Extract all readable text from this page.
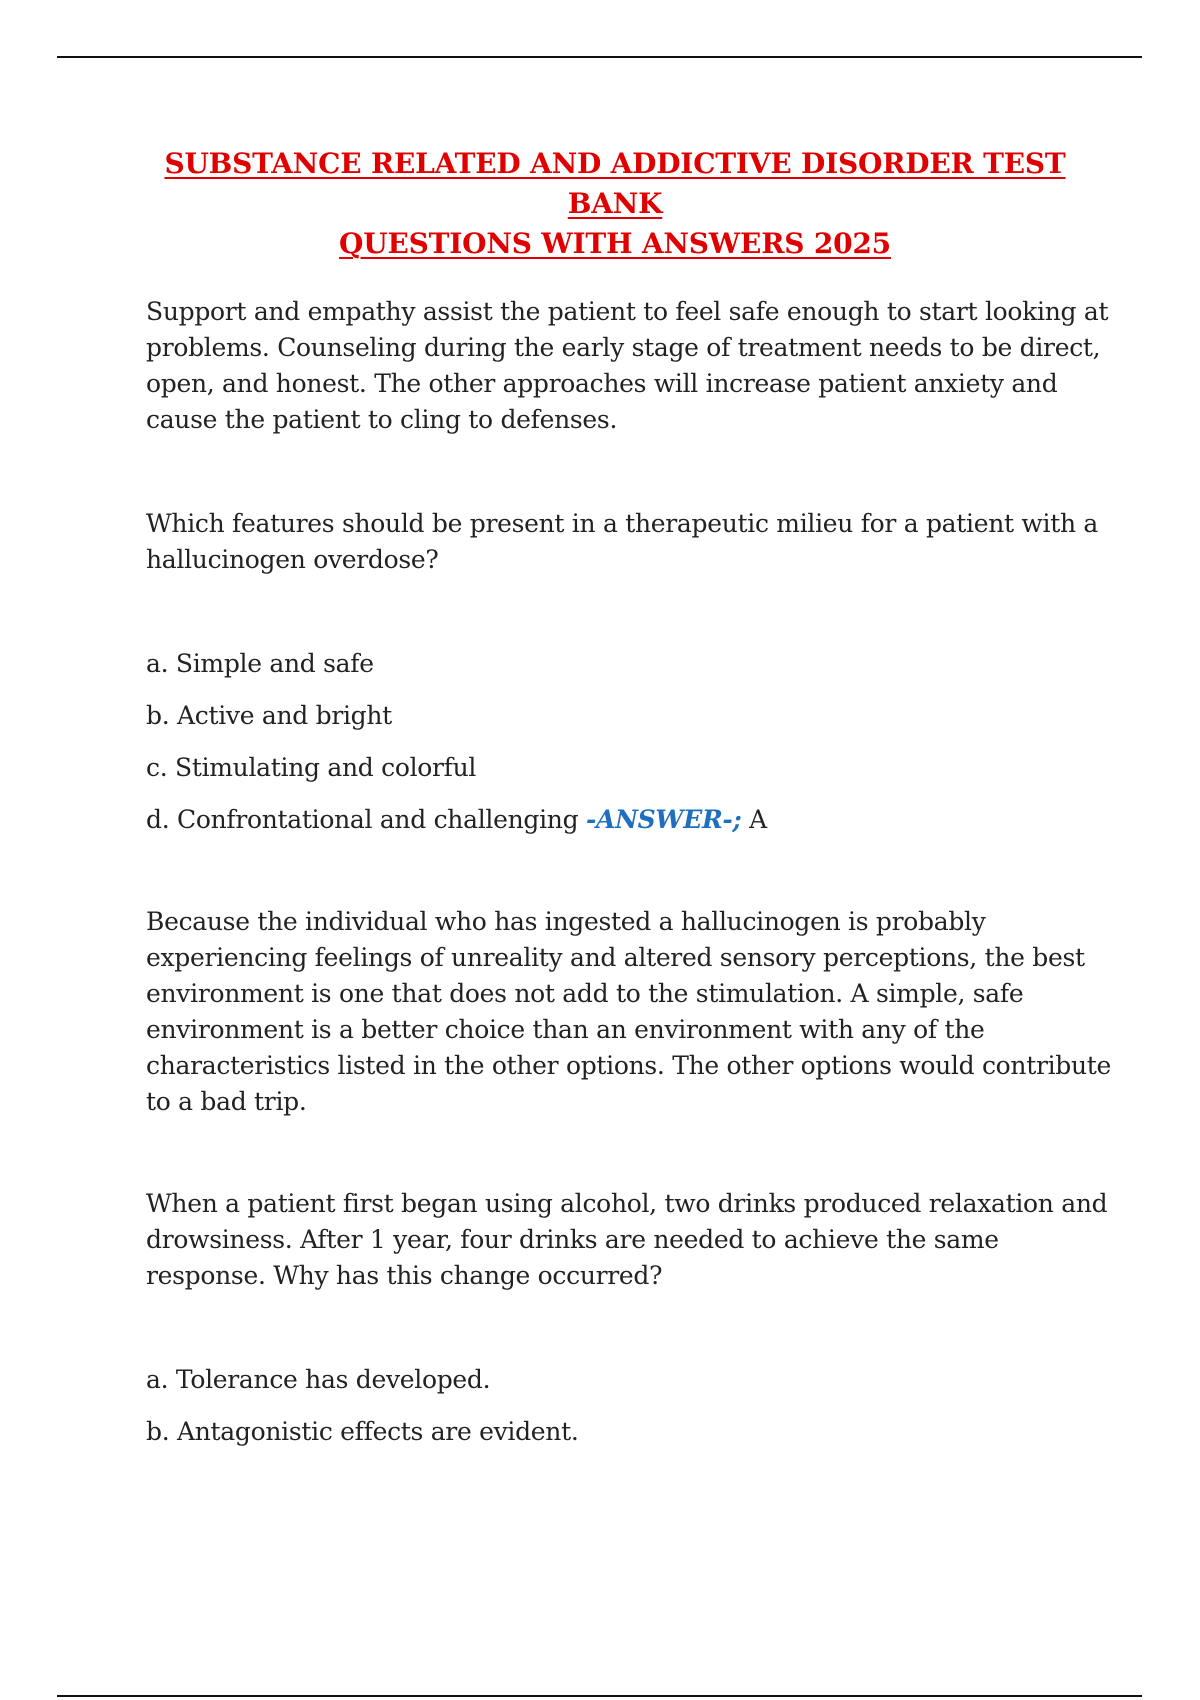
SUBSTANCE RELATED AND ADDICTIVE DISORDER TEST BANK
QUESTIONS WITH ANSWERS 2025
Support and empathy assist the patient to feel safe enough to start looking at
problems. Counseling during the early stage of treatment needs to be direct,
open, and honest. The other approaches will increase patient anxiety and
cause the patient to cling to defenses.
Which features should be present in a therapeutic milieu for a patient with a
hallucinogen overdose?
a. Simple and safe
b. Active and bright
c. Stimulating and colorful
d. Confrontational and challenging -ANSWER-; A
Because the individual who has ingested a hallucinogen is probably
experiencing feelings of unreality and altered sensory perceptions, the best
environment is one that does not add to the stimulation. A simple, safe
environment is a better choice than an environment with any of the
characteristics listed in the other options. The other options would contribute
to a bad trip.
When a patient first began using alcohol, two drinks produced relaxation and
drowsiness. After 1 year, four drinks are needed to achieve the same
response. Why has this change occurred?
a. Tolerance has developed.
b. Antagonistic effects are evident.
